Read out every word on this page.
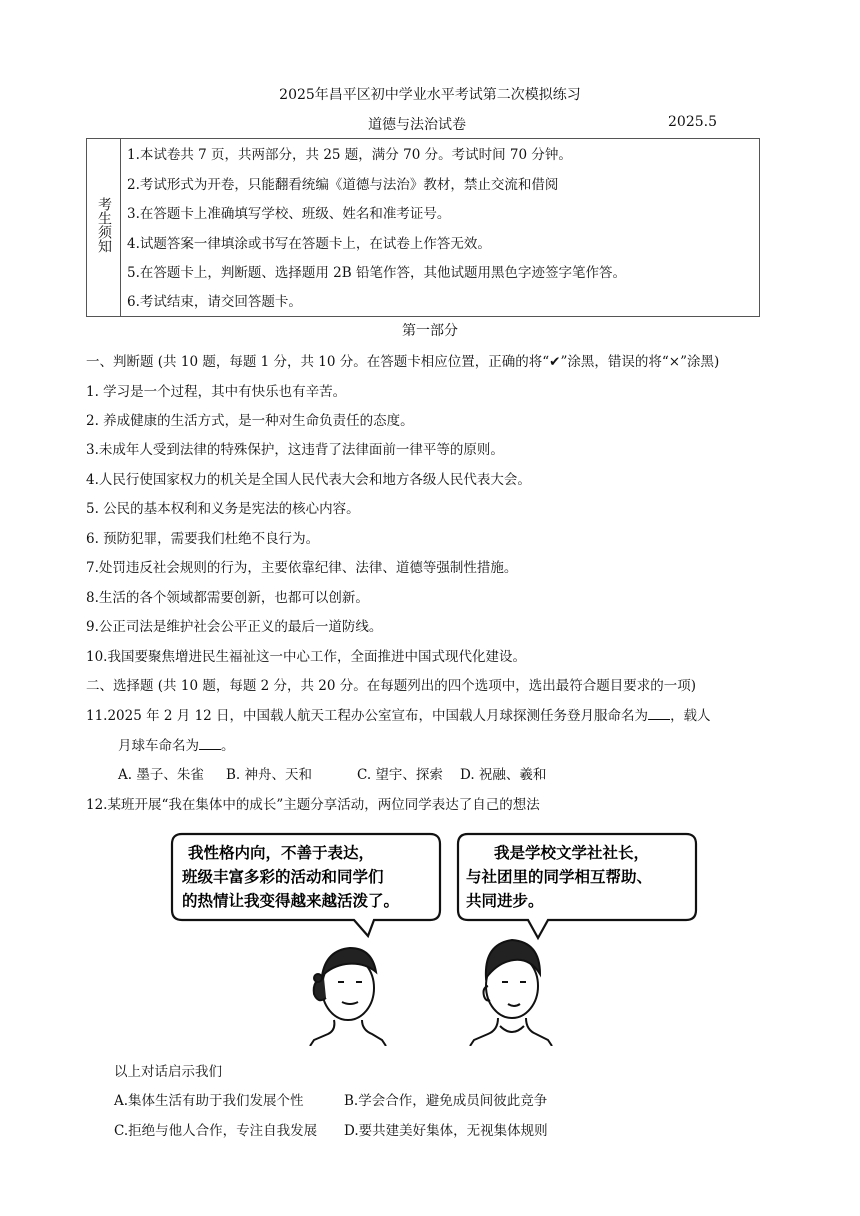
2025年昌平区初中学业水平考试第二次模拟练习
道德与法治试卷	2025.5
考生须知
1.本试卷共 7 页，共两部分，共 25 题，满分 70 分。考试时间 70 分钟。
2.考试形式为开卷，只能翻看统编《道德与法治》教材，禁止交流和借阅
3.在答题卡上准确填写学校、班级、姓名和准考证号。
4.试题答案一律填涂或书写在答题卡上，在试卷上作答无效。
5.在答题卡上，判断题、选择题用 2B 铅笔作答，其他试题用黑色字迹签字笔作答。
6.考试结束，请交回答题卡。
第一部分
一、判断题 (共 10 题，每题 1 分，共 10 分。在答题卡相应位置，正确的将“✔”涂黑，错误的将“×”涂黑)
1. 学习是一个过程，其中有快乐也有辛苦。
2. 养成健康的生活方式，是一种对生命负责任的态度。
3.未成年人受到法律的特殊保护，这违背了法律面前一律平等的原则。
4.人民行使国家权力的机关是全国人民代表大会和地方各级人民代表大会。
5. 公民的基本权利和义务是宪法的核心内容。
6. 预防犯罪，需要我们杜绝不良行为。
7.处罚违反社会规则的行为，主要依靠纪律、法律、道德等强制性措施。
8.生活的各个领域都需要创新，也都可以创新。
9.公正司法是维护社会公平正义的最后一道防线。
10.我国要聚焦增进民生福祉这一中心工作，全面推进中国式现代化建设。
二、选择题 (共 10 题，每题 2 分，共 20 分。在每题列出的四个选项中，选出最符合题目要求的一项)
11.2025 年 2 月 12 日，中国载人航天工程办公室宣布，中国载人月球探测任务登月服命名为 ，载人
月球车命名为 。
A. 墨子、朱雀 B. 神舟、天和	C. 望宇、探索 D. 祝融、羲和
12.某班开展“我在集体中的成长”主题分享活动，两位同学表达了自己的想法
我性格内向，不善于表达，
班级丰富多彩的活动和同学们
的热情让我变得越来越活泼了。
我是学校文学社社长，
与社团里的同学相互帮助、
共同进步。
以上对话启示我们
A.集体生活有助于我们发展个性	B.学会合作，避免成员间彼此竞争
C.拒绝与他人合作，专注自我发展 D.要共建美好集体，无视集体规则
